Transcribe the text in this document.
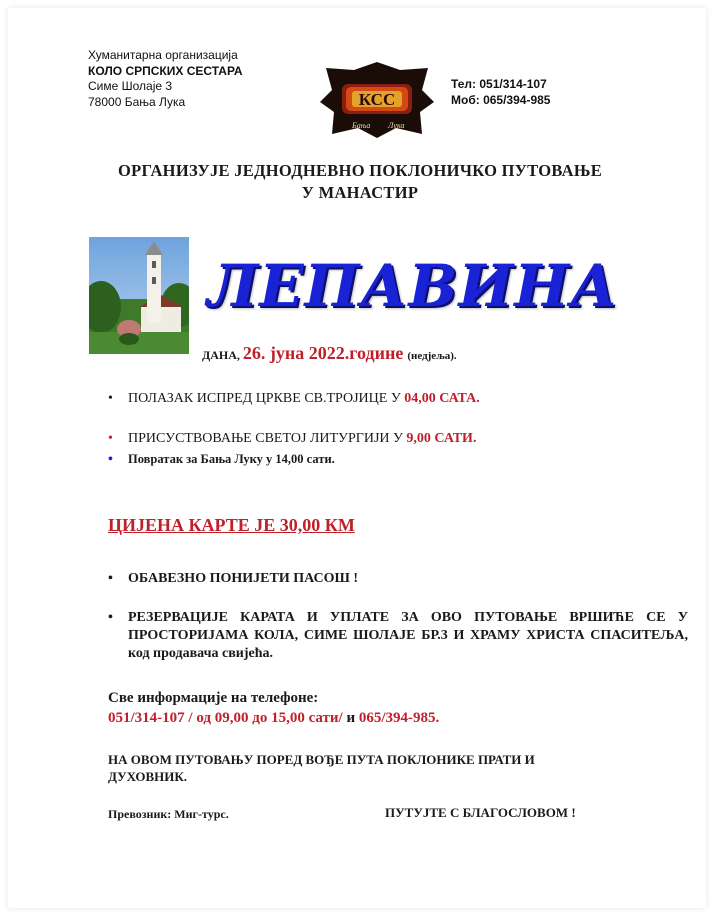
Хуманитарна организација
КОЛО СРПСКИХ СЕСТАРА
Симе Шолаје 3
78000 Бања Лука	КСС
Бања Лука
Тел: 051/314-107
Моб: 065/394-985
ОРГАНИЗУЈЕ ЈЕДНОДНЕВНО ПОКЛОНИЧКО ПУТОВАЊЕ
У МАНАСТИР
ЛЕПАВИНА
ДАНА, 26. јуна 2022.године (недјеља).
• ПОЛАЗАК ИСПРЕД ЦРКВЕ СВ.ТРОЈИЦЕ У 04,00 САТА.
• ПРИСУСТВОВАЊЕ СВЕТОЈ ЛИТУРГИЈИ У 9,00 САТИ.
• Повратак за Бања Луку у 14,00 сати.
ЦИЈЕНА КАРТЕ ЈЕ 30,00 КМ
• ОБАВЕЗНО ПОНИЈЕТИ ПАСОШ !
• РЕЗЕРВАЦИЈЕ КАРАТА И УПЛАТЕ ЗА ОВО ПУТОВАЊЕ ВРШИЋЕ СЕ У ПРОСТОРИЈАМА КОЛА, СИМЕ ШОЛАЈЕ БР.3 И ХРАМУ ХРИСТА СПАСИТЕЉА, код продавача свијећа.
Све информације на телефоне:
051/314-107 / од 09,00 до 15,00 сати/ и 065/394-985.
НА ОВОМ ПУТОВАЊУ ПОРЕД ВОЂЕ ПУТА ПОКЛОНИКЕ ПРАТИ И
ДУХОВНИК.
Превозник: Миг-турс.	ПУТУЈТЕ С БЛАГОСЛОВОМ !
